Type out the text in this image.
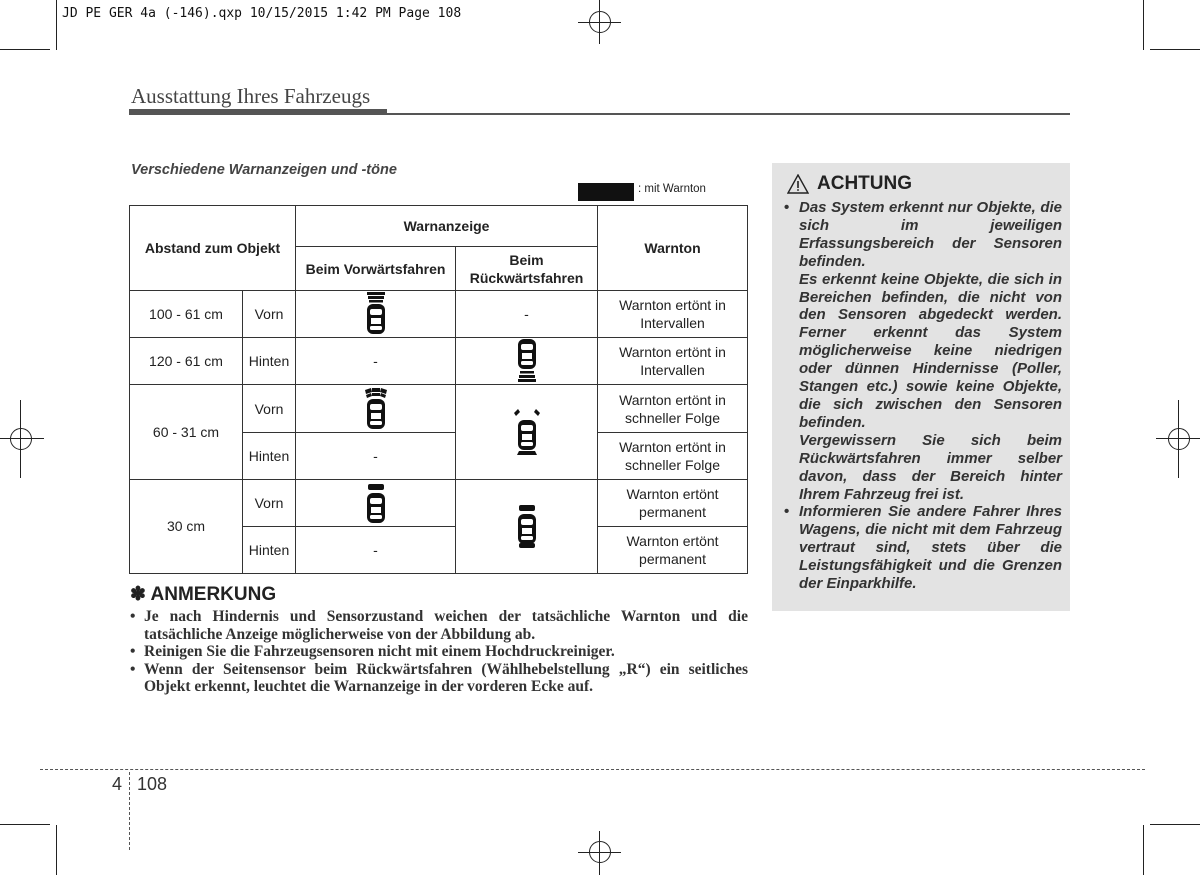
JD PE GER 4a (-146).qxp 10/15/2015 1:42 PM Page 108
Ausstattung Ihres Fahrzeugs
Verschiedene Warnanzeigen und -töne
: mit Warnton
Abstand zum Objekt		Warnanzeige		Warnton
		Beim Vorwärtsfahren	Beim Rückwärtsfahren	
100 - 61 cm	Vorn		-	Warnton ertönt in Intervallen
120 - 61 cm	Hinten	-		Warnton ertönt in Intervallen
60 - 31 cm	Vorn			Warnton ertönt in schneller Folge
	Hinten	-		Warnton ertönt in schneller Folge
30 cm	Vorn			Warnton ertönt permanent
	Hinten	-		Warnton ertönt permanent
✽ ANMERKUNG
• Je nach Hindernis und Sensorzustand weichen der tatsächliche Warnton und die tatsächliche Anzeige möglicherweise von der Abbildung ab.
• Reinigen Sie die Fahrzeugsensoren nicht mit einem Hochdruckreiniger.
• Wenn der Seitensensor beim Rückwärtsfahren (Wählhebelstellung „R“) ein seitliches Objekt erkennt, leuchtet die Warnanzeige in der vorderen Ecke auf.
ACHTUNG

• Das System erkennt nur Objekte, die sich im jeweiligen Erfassungsbereich der Sensoren befinden.

Es erkennt keine Objekte, die sich in Bereichen befinden, die nicht von den Sensoren abgedeckt werden. Ferner erkennt das System möglicherweise keine niedrigen oder dünnen Hindernisse (Poller, Stangen etc.) sowie keine Objekte, die sich zwischen den Sensoren befinden.

Vergewissern Sie sich beim Rückwärtsfahren immer selber davon, dass der Bereich hinter Ihrem Fahrzeug frei ist.

• Informieren Sie andere Fahrer Ihres Wagens, die nicht mit dem Fahrzeug vertraut sind, stets über die Leistungsfähigkeit und die Grenzen der Einparkhilfe.
4 108
